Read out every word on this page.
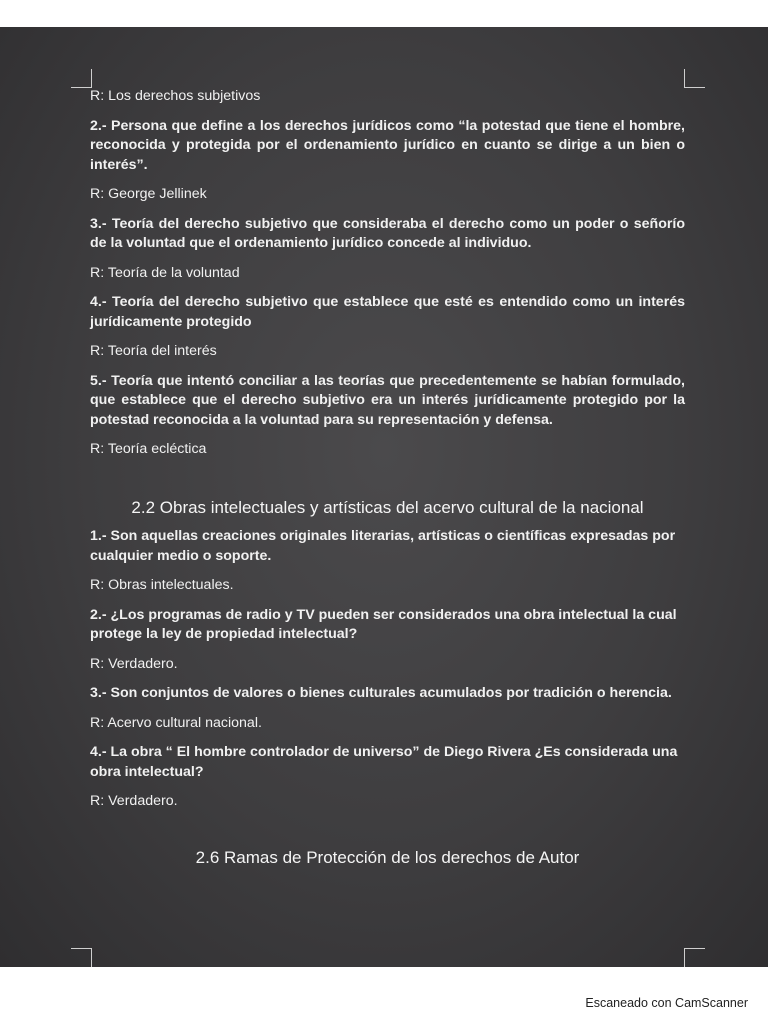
R: Los derechos subjetivos

2.- Persona que define a los derechos jurídicos como “la potestad que tiene el hombre, reconocida y protegida por el ordenamiento jurídico en cuanto se dirige a un bien o interés”.

R: George Jellinek

3.- Teoría del derecho subjetivo que consideraba el derecho como un poder o señorío de la voluntad que el ordenamiento jurídico concede al individuo.

R: Teoría de la voluntad

4.- Teoría del derecho subjetivo que establece que esté es entendido como un interés jurídicamente protegido

R: Teoría del interés

5.- Teoría que intentó conciliar a las teorías que precedentemente se habían formulado, que establece que el derecho subjetivo era un interés jurídicamente protegido por la potestad reconocida a la voluntad para su representación y defensa.

R: Teoría ecléctica

2.2 Obras intelectuales y artísticas del acervo cultural de la nacional

1.- Son aquellas creaciones originales literarias, artísticas o científicas expresadas por cualquier medio o soporte.

R: Obras intelectuales.

2.- ¿Los programas de radio y TV pueden ser considerados una obra intelectual la cual protege la ley de propiedad intelectual?

R: Verdadero.

3.- Son conjuntos de valores o bienes culturales acumulados por tradición o herencia.

R: Acervo cultural nacional.

4.- La obra “ El hombre controlador de universo” de Diego Rivera ¿Es considerada una obra intelectual?

R: Verdadero.

2.6 Ramas de Protección de los derechos de Autor
Escaneado con CamScanner
